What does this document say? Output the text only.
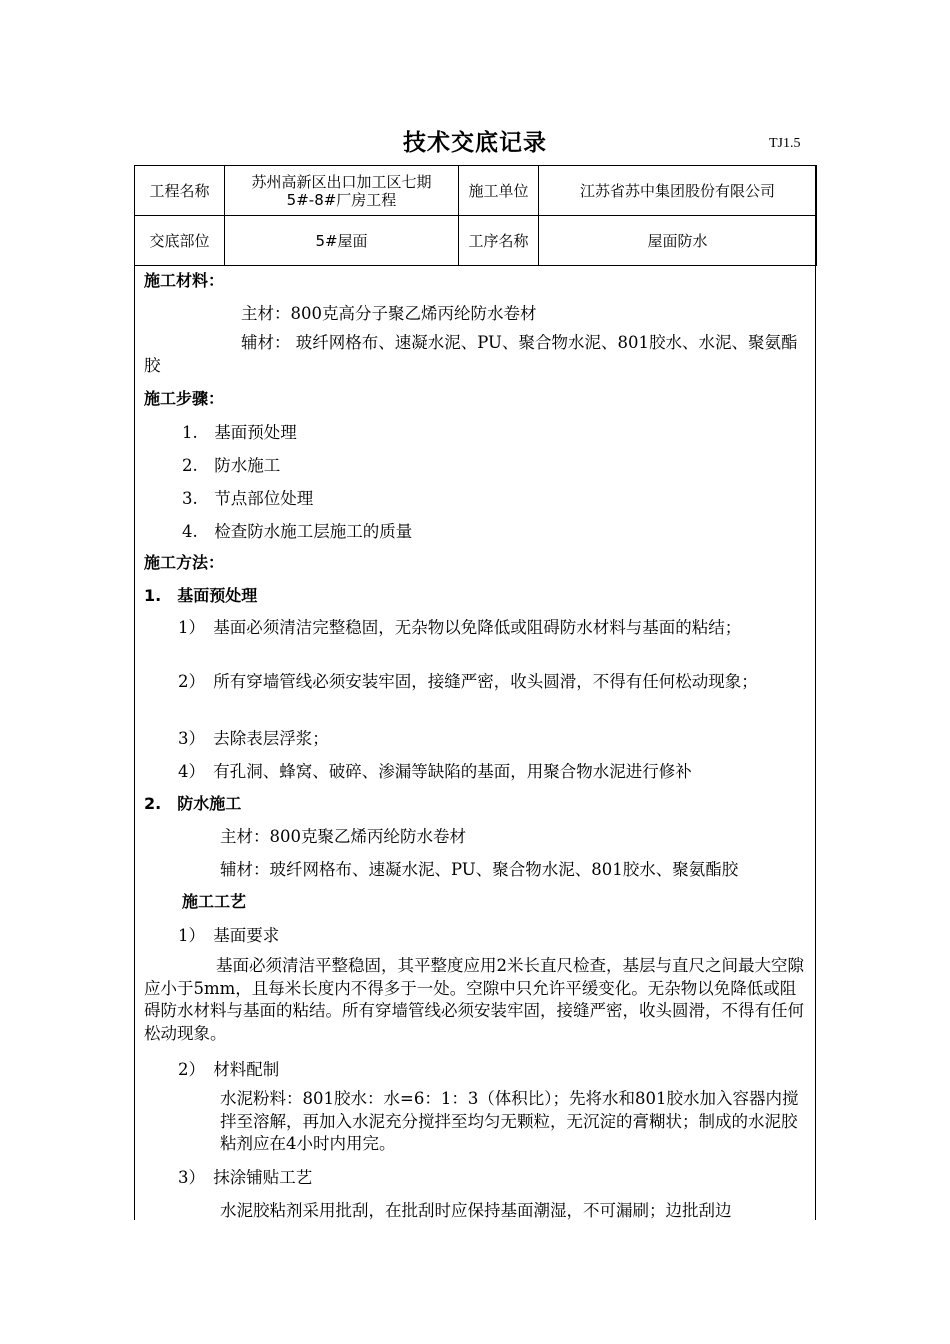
技术交底记录	TJ1.5
工程名称	苏州高新区出口加工区七期 5#-8#厂房工程	施工单位	江苏省苏中集团股份有限公司
交底部位	5#屋面	工序名称	屋面防水
施工材料：
主材：800克高分子聚乙烯丙纶防水卷材
辅材： 玻纤网格布、速凝水泥、PU、聚合物水泥、801胶水、水泥、聚氨酯胶
施工步骤：
1.　基面预处理
2.　防水施工
3.　节点部位处理
4.　检查防水施工层施工的质量
施工方法：
1.　基面预处理
1）　基面必须清洁完整稳固，无杂物以免降低或阻碍防水材料与基面的粘结；
2）　所有穿墙管线必须安装牢固，接缝严密，收头圆滑，不得有任何松动现象；
3）　去除表层浮浆；
4）　有孔洞、蜂窝、破碎、渗漏等缺陷的基面，用聚合物水泥进行修补
2.　防水施工
主材：800克聚乙烯丙纶防水卷材
辅材：玻纤网格布、速凝水泥、PU、聚合物水泥、801胶水、聚氨酯胶
施工工艺
1）　基面要求
基面必须清洁平整稳固，其平整度应用2米长直尺检查，基层与直尺之间最大空隙应小于5mm，且每米长度内不得多于一处。空隙中只允许平缓变化。无杂物以免降低或阻碍防水材料与基面的粘结。所有穿墙管线必须安装牢固，接缝严密，收头圆滑，不得有任何松动现象。
2）　材料配制
水泥粉料：801胶水：水=6：1：3（体积比）；先将水和801胶水加入容器内搅拌至溶解，再加入水泥充分搅拌至均匀无颗粒，无沉淀的膏糊状；制成的水泥胶粘剂应在4小时内用完。
3）　抹涂铺贴工艺
水泥胶粘剂采用批刮，在批刮时应保持基面潮湿，不可漏刷；边批刮边
